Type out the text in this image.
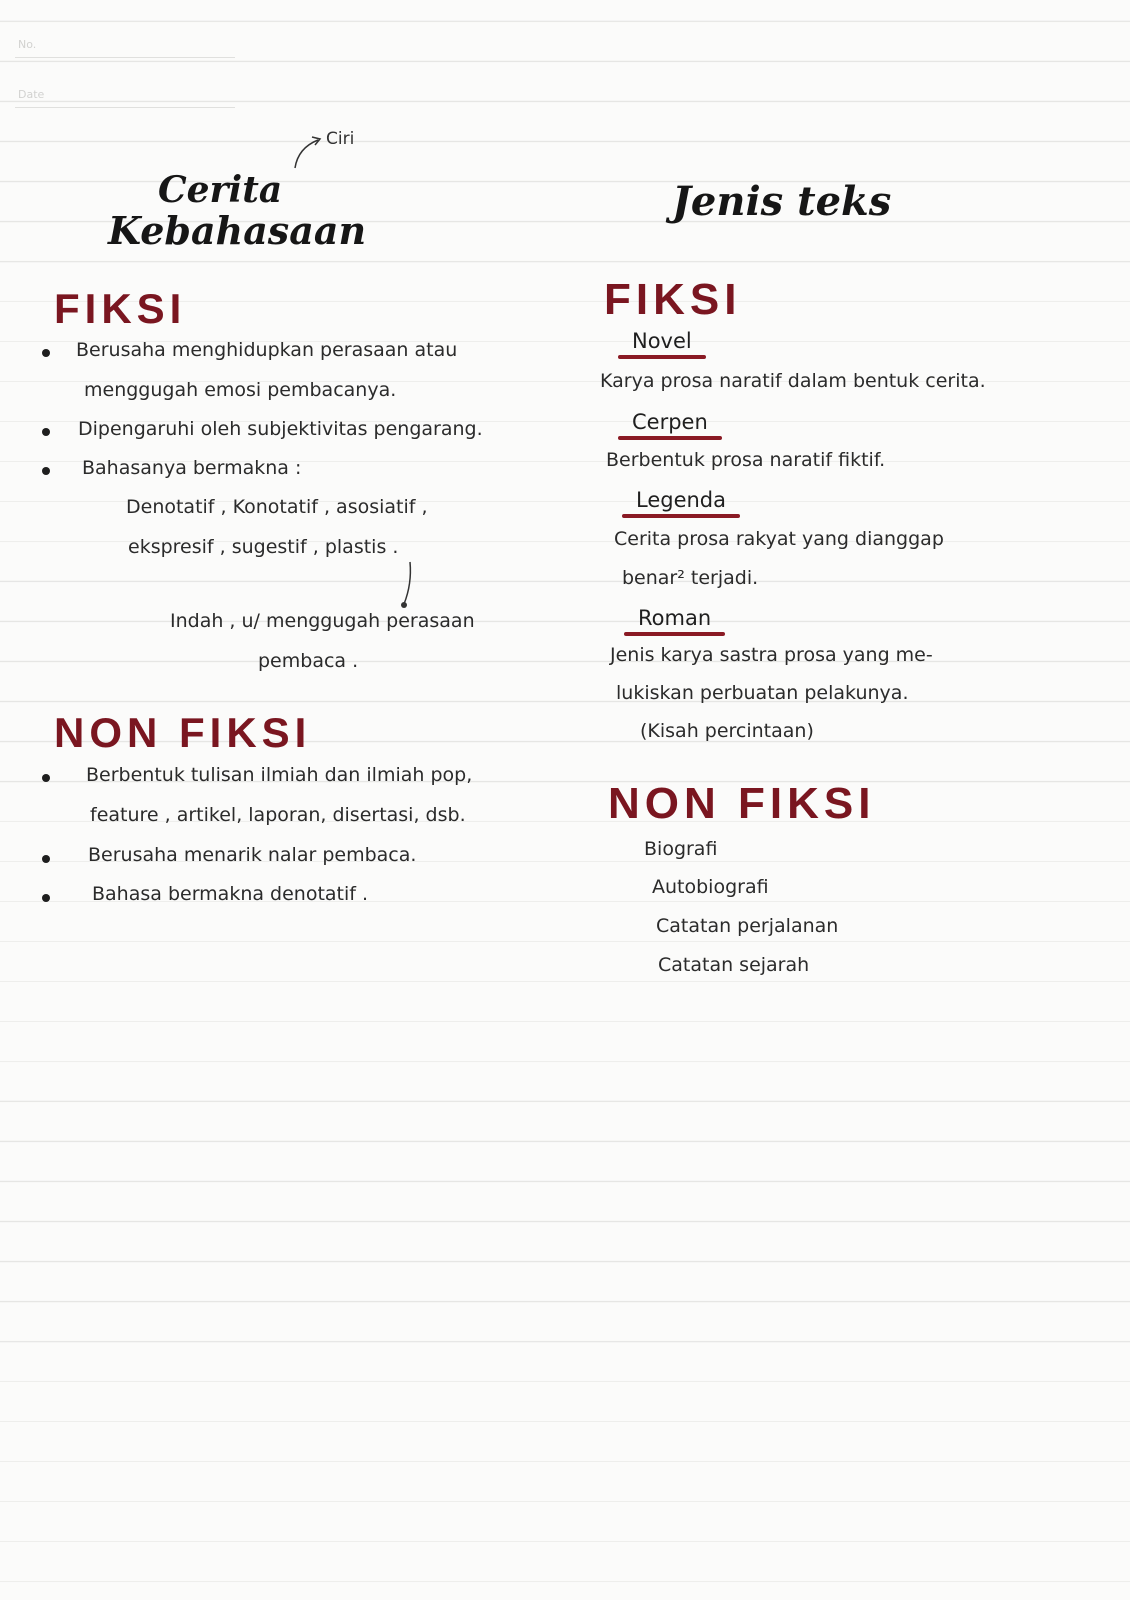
No.
Date
Ciri
Cerita
Kebahasaan
FIKSI
Berusaha menghidupkan perasaan atau
menggugah emosi pembacanya.
Dipengaruhi oleh subjektivitas pengarang.
Bahasanya bermakna :
Denotatif , Konotatif , asosiatif ,
ekspresif , sugestif , plastis .
Indah , u/ menggugah perasaan
pembaca .
NON FIKSI
Berbentuk tulisan ilmiah dan ilmiah pop,
feature , artikel, laporan, disertasi, dsb.
Berusaha menarik nalar pembaca.
Bahasa bermakna denotatif .
Jenis teks
FIKSI
Novel
Karya prosa naratif dalam bentuk cerita.
Cerpen
Berbentuk prosa naratif fiktif.
Legenda
Cerita prosa rakyat yang dianggap
benar² terjadi.
Roman
Jenis karya sastra prosa yang me-
lukiskan perbuatan pelakunya.
(Kisah percintaan)
NON FIKSI
Biografi
Autobiografi
Catatan perjalanan
Catatan sejarah
